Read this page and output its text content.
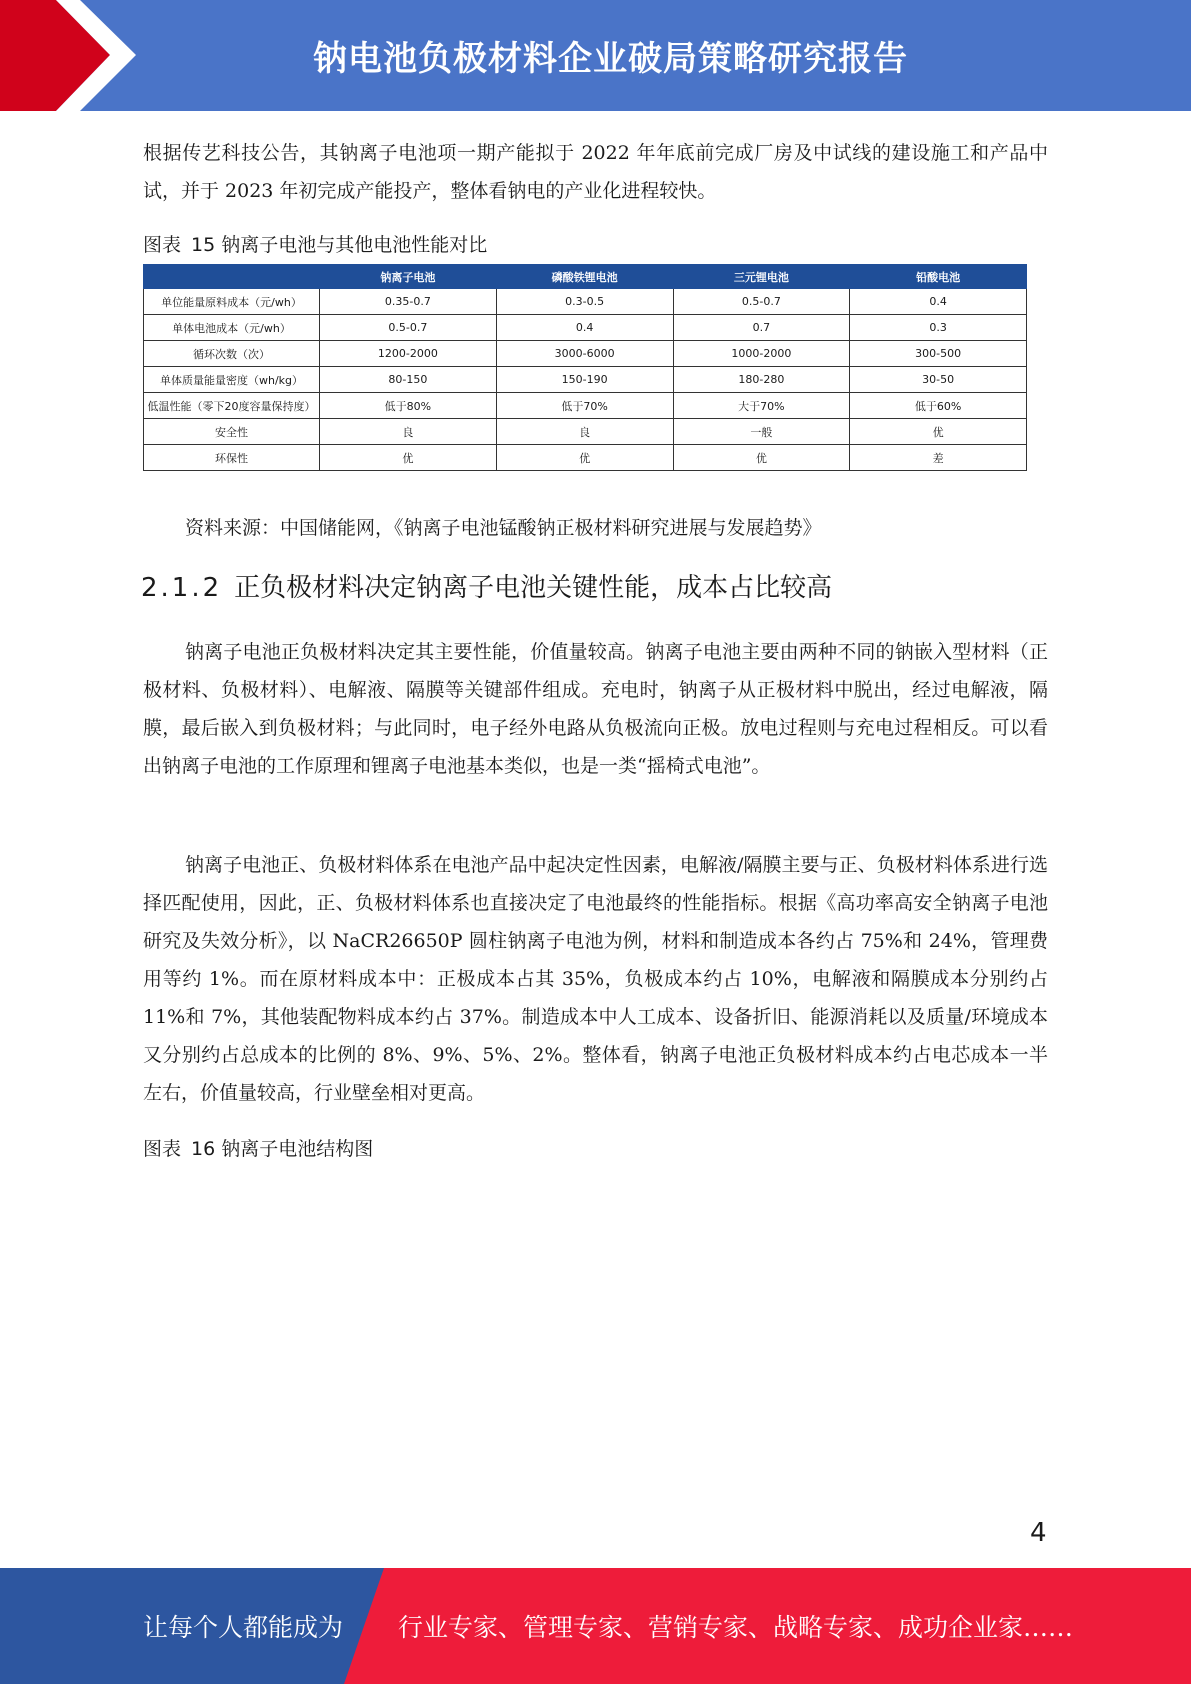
钠电池负极材料企业破局策略研究报告
根据传艺科技公告，其钠离子电池项一期产能拟于 2022 年年底前完成厂房及中试线的建设施工和产品中试，并于 2023 年初完成产能投产，整体看钠电的产业化进程较快。
图表 15 钠离子电池与其他电池性能对比
	钠离子电池	磷酸铁锂电池	三元锂电池	铅酸电池
单位能量原料成本（元/wh）	0.35-0.7	0.3-0.5	0.5-0.7	0.4
单体电池成本（元/wh）	0.5-0.7	0.4	0.7	0.3
循环次数（次）	1200-2000	3000-6000	1000-2000	300-500
单体质量能量密度（wh/kg）	80-150	150-190	180-280	30-50
低温性能（零下20度容量保持度）	低于80%	低于70%	大于70%	低于60%
安全性	良	良	一般	优
环保性	优	优	优	差
资料来源：中国储能网，《钠离子电池锰酸钠正极材料研究进展与发展趋势》
2.1.2 正负极材料决定钠离子电池关键性能，成本占比较高
钠离子电池正负极材料决定其主要性能，价值量较高。钠离子电池主要由两种不同的钠嵌入型材料（正极材料、负极材料）、电解液、隔膜等关键部件组成。充电时，钠离子从正极材料中脱出，经过电解液，隔膜，最后嵌入到负极材料；与此同时，电子经外电路从负极流向正极。放电过程则与充电过程相反。可以看出钠离子电池的工作原理和锂离子电池基本类似，也是一类“摇椅式电池”。
钠离子电池正、负极材料体系在电池产品中起决定性因素，电解液/隔膜主要与正、负极材料体系进行选择匹配使用，因此，正、负极材料体系也直接决定了电池最终的性能指标。根据《高功率高安全钠离子电池研究及失效分析》，以 NaCR26650P 圆柱钠离子电池为例，材料和制造成本各约占 75%和 24%，管理费用等约 1%。而在原材料成本中：正极成本占其 35%，负极成本约占 10%，电解液和隔膜成本分别约占 11%和 7%，其他装配物料成本约占 37%。制造成本中人工成本、设备折旧、能源消耗以及质量/环境成本又分别约占总成本的比例的 8%、9%、5%、2%。整体看，钠离子电池正负极材料成本约占电芯成本一半左右，价值量较高，行业壁垒相对更高。
图表 16 钠离子电池结构图
4
让每个人都能成为 行业专家、管理专家、营销专家、战略专家、成功企业家……
